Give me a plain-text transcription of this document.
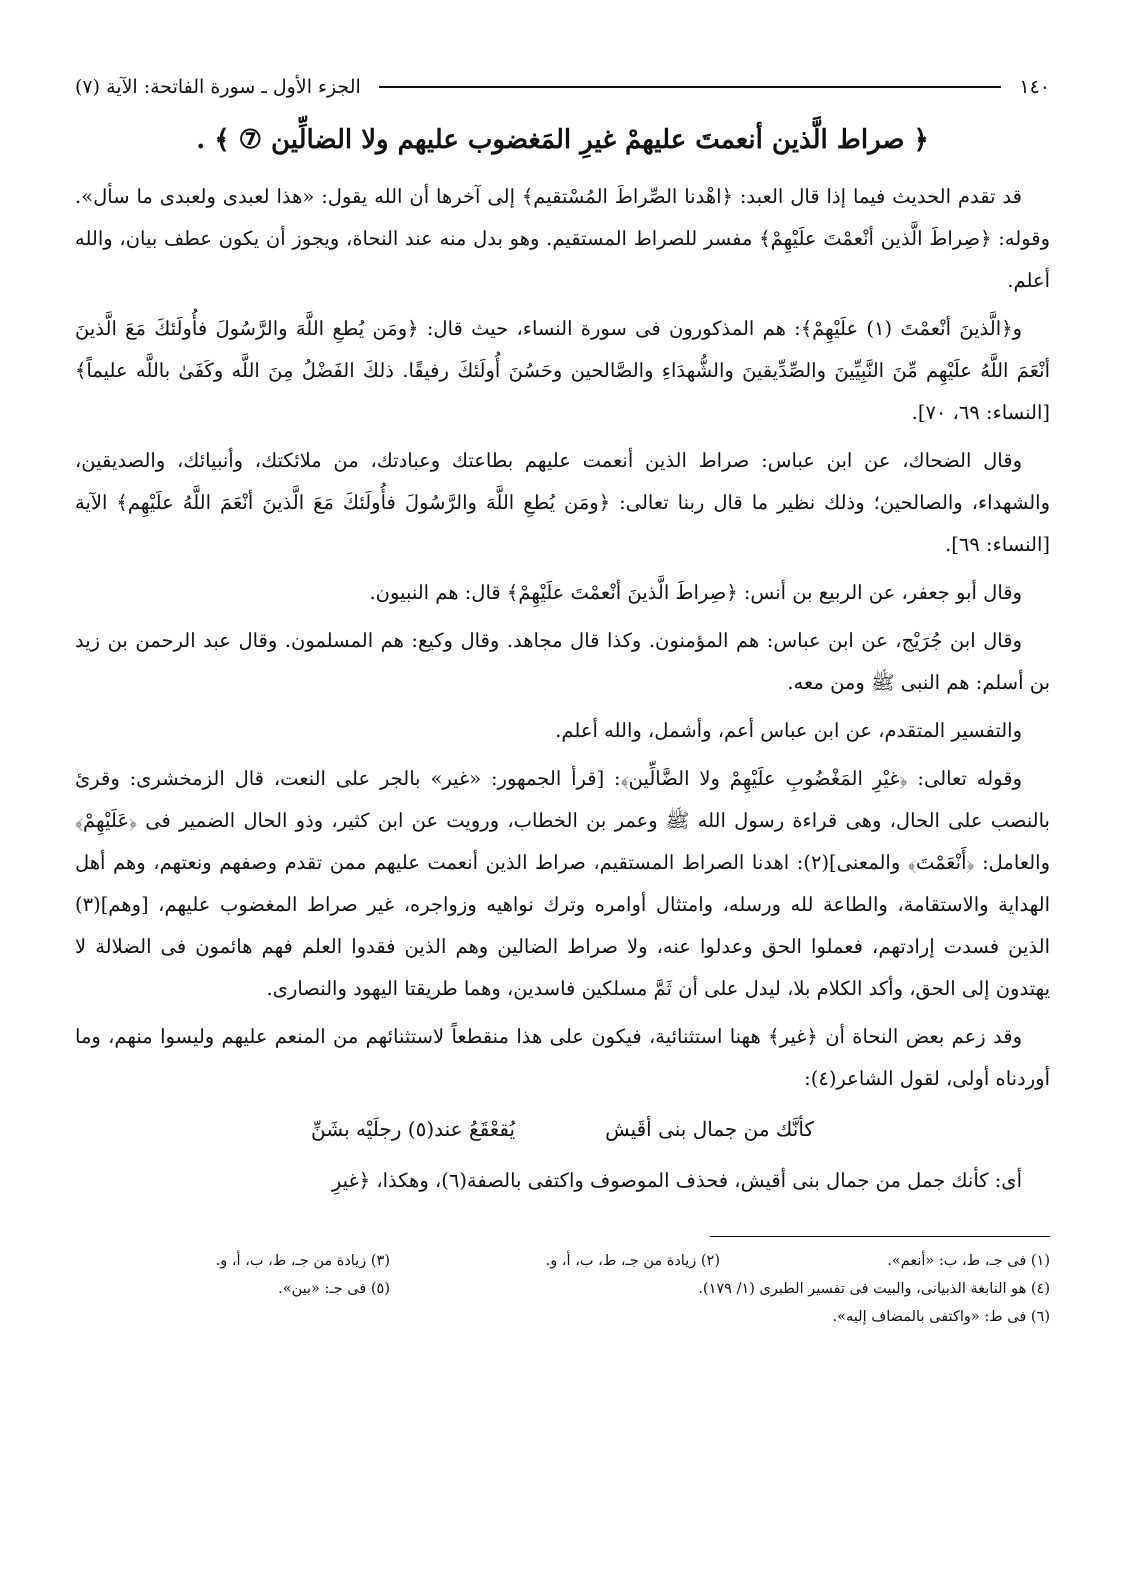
١٤٠
الجزء الأول ـ سورة الفاتحة: الآية (٧)
﴿ صراط الَّذين أنعمتَ عليهمْ غيرِ المَغضوب عليهم ولا الضالِّين ⑦ ﴾ .

قد تقدم الحديث فيما إذا قال العبد: ﴿اهْدنا الصِّراطَ المُسْتقيم﴾ إلى آخرها أن الله يقول: «هذا لعبدى ولعبدى ما سأل». وقوله: ﴿صِراطَ الَّذين أنْعمْتَ علَيْهِمْ﴾ مفسر للصراط المستقيم. وهو بدل منه عند النحاة، ويجوز أن يكون عطف بيان، والله أعلم.

و﴿الَّذينَ أنْعمْتَ (١) علَيْهِمْ﴾: هم المذكورون فى سورة النساء، حيث قال: ﴿ومَن يُطعِ اللَّهَ والرَّسُولَ فأُولَئكَ مَعَ الَّذينَ أنْعَمَ اللَّهُ علَيْهِم مِّنَ النَّبِيِّينَ والصِّدِّيقينَ والشُّهدَاءِ والصَّالحين وحَسُنَ أُولَئكَ رفيقًا. ذلكَ الفَضْلُ مِنَ اللَّه وكَفَىٰ باللَّه عليماً﴾ [النساء: ٦٩، ٧٠].

وقال الضحاك، عن ابن عباس: صراط الذين أنعمت عليهم بطاعتك وعبادتك، من ملائكتك، وأنبيائك، والصديقين، والشهداء، والصالحين؛ وذلك نظير ما قال ربنا تعالى: ﴿ومَن يُطعِ اللَّهَ والرَّسُولَ فأُولَئكَ مَعَ الَّذينَ أنْعَمَ اللَّهُ علَيْهِم﴾ الآية [النساء: ٦٩].

وقال أبو جعفر، عن الربيع بن أنس: ﴿صِراطَ الَّذينَ أنْعمْتَ علَيْهِمْ﴾ قال: هم النبيون.

وقال ابن جُرَيْج، عن ابن عباس: هم المؤمنون. وكذا قال مجاهد. وقال وكيع: هم المسلمون. وقال عبد الرحمن بن زيد بن أسلم: هم النبى ﷺ ومن معه.

والتفسير المتقدم، عن ابن عباس أعم، وأشمل، والله أعلم.

وقوله تعالى: ﴿غيْرِ المَغْضُوبِ علَيْهِمْ ولا الضَّالِّين﴾: [قرأ الجمهور: «غير» بالجر على النعت، قال الزمخشرى: وقرئ بالنصب على الحال، وهى قراءة رسول الله ﷺ وعمر بن الخطاب، ورويت عن ابن كثير، وذو الحال الضمير فى ﴿عَلَيْهِمْ﴾ والعامل: ﴿أَنْعَمْتَ﴾ والمعنى](٢): اهدنا الصراط المستقيم، صراط الذين أنعمت عليهم ممن تقدم وصفهم ونعتهم، وهم أهل الهداية والاستقامة، والطاعة لله ورسله، وامتثال أوامره وترك نواهيه وزواجره، غير صراط المغضوب عليهم، [وهم](٣) الذين فسدت إرادتهم، فعملوا الحق وعدلوا عنه، ولا صراط الضالين وهم الذين فقدوا العلم فهم هائمون فى الضلالة لا يهتدون إلى الحق، وأكد الكلام بلا، ليدل على أن ثَمَّ مسلكين فاسدين، وهما طريقتا اليهود والنصارى.

وقد زعم بعض النحاة أن ﴿غير﴾ ههنا استثنائية، فيكون على هذا منقطعاً لاستثنائهم من المنعم عليهم وليسوا منهم، وما أوردناه أولى، لقول الشاعر(٤):

كأنَّك من جمال بنى أقَيش
يُقعْقَعُ عند(٥) رجلَيْه بشَنِّ

أى: كأنك جمل من جمال بنى أقيش، فحذف الموصوف واكتفى بالصفة(٦)، وهكذا، ﴿غيرِ

(١) فى جـ، ط، ب: «أنعم».
(٢) زيادة من جـ، ط، ب، أ، و.
(٣) زيادة من جـ، ط، ب، أ، و.
(٤) هو النابغة الذبيانى، والبيت فى تفسير الطبرى (١/ ١٧٩).
(٥) فى جـ: «بين».
(٦) فى ط: «واكتفى بالمضاف إليه».
